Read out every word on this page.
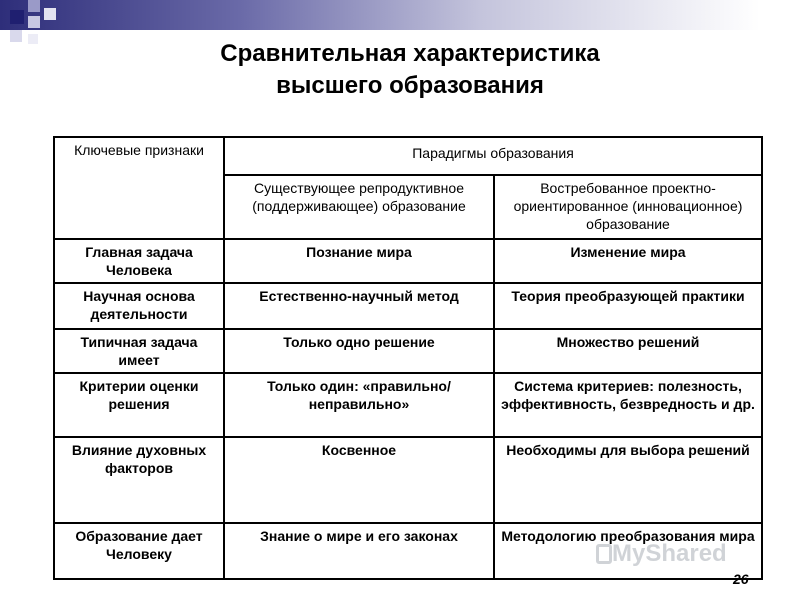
Сравнительная характеристика
высшего образования
Ключевые признаки	Парадигмы образования	
	Существующее репродуктивное (поддерживающее) образование	Востребованное проектно-ориентированное (инновационное) образование
Главная задача Человека	Познание мира	Изменение мира
Научная основа деятельности	Естественно-научный метод	Теория преобразующей практики
Типичная задача имеет	Только одно решение	Множество решений
Критерии оценки решения	Только один: «правильно/неправильно»	Система критериев: полезность, эффективность, безвредность и др.
Влияние духовных факторов	Косвенное	Необходимы для выбора решений
Образование дает Человеку	Знание о мире и его законах	Методологию преобразования мира
MyShared
26
